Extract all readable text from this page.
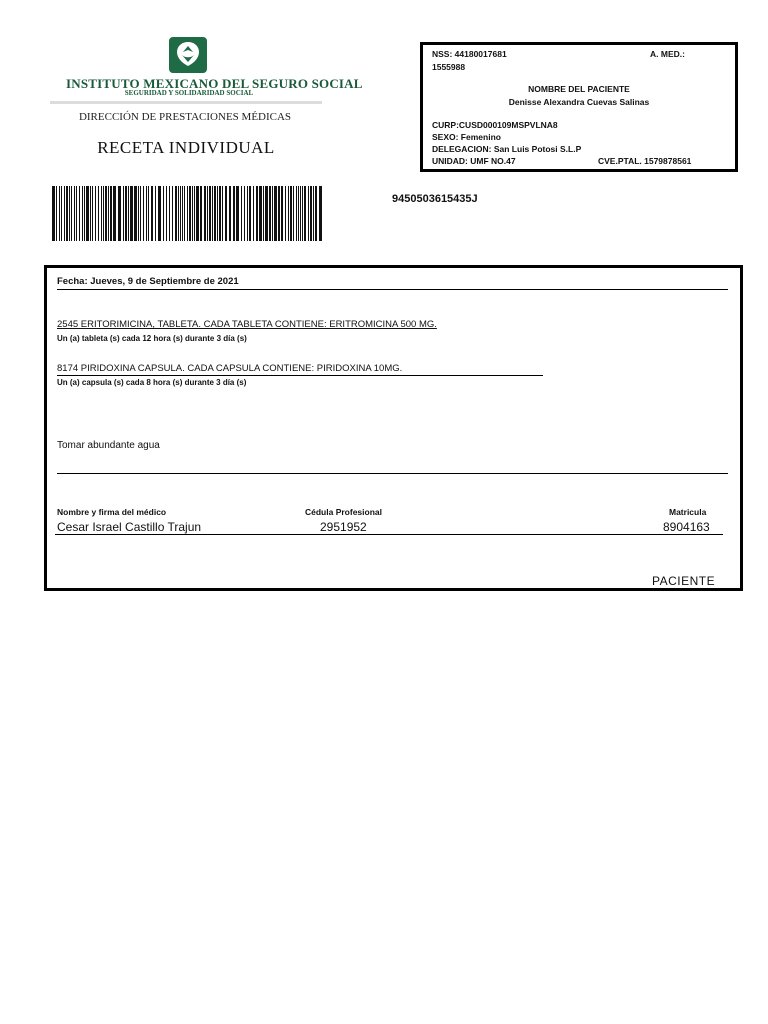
INSTITUTO MEXICANO DEL SEGURO SOCIAL
SEGURIDAD Y SOLIDARIDAD SOCIAL
DIRECCIÓN DE PRESTACIONES MÉDICAS
RECETA INDIVIDUAL
9450503615435J
NSS: 44180017681	A. MED.:
1555988
NOMBRE DEL PACIENTE
Denisse Alexandra Cuevas Salinas
CURP:CUSD000109MSPVLNA8
SEXO: Femenino
DELEGACION: San Luis Potosi S.L.P
UNIDAD: UMF NO.47	CVE.PTAL. 1579878561
Fecha: Jueves, 9 de Septiembre de 2021
2545 ERITORIMICINA, TABLETA. CADA TABLETA CONTIENE: ERITROMICINA 500 MG.
Un (a) tableta (s) cada 12 hora (s) durante 3 día (s)
8174 PIRIDOXINA CAPSULA. CADA CAPSULA CONTIENE: PIRIDOXINA 10MG.
Un (a) capsula (s) cada 8 hora (s) durante 3 día (s)
Tomar abundante agua
Nombre y firma del médico	Cédula Profesional	Matricula
Cesar Israel Castillo Trajun	2951952	8904163
PACIENTE
